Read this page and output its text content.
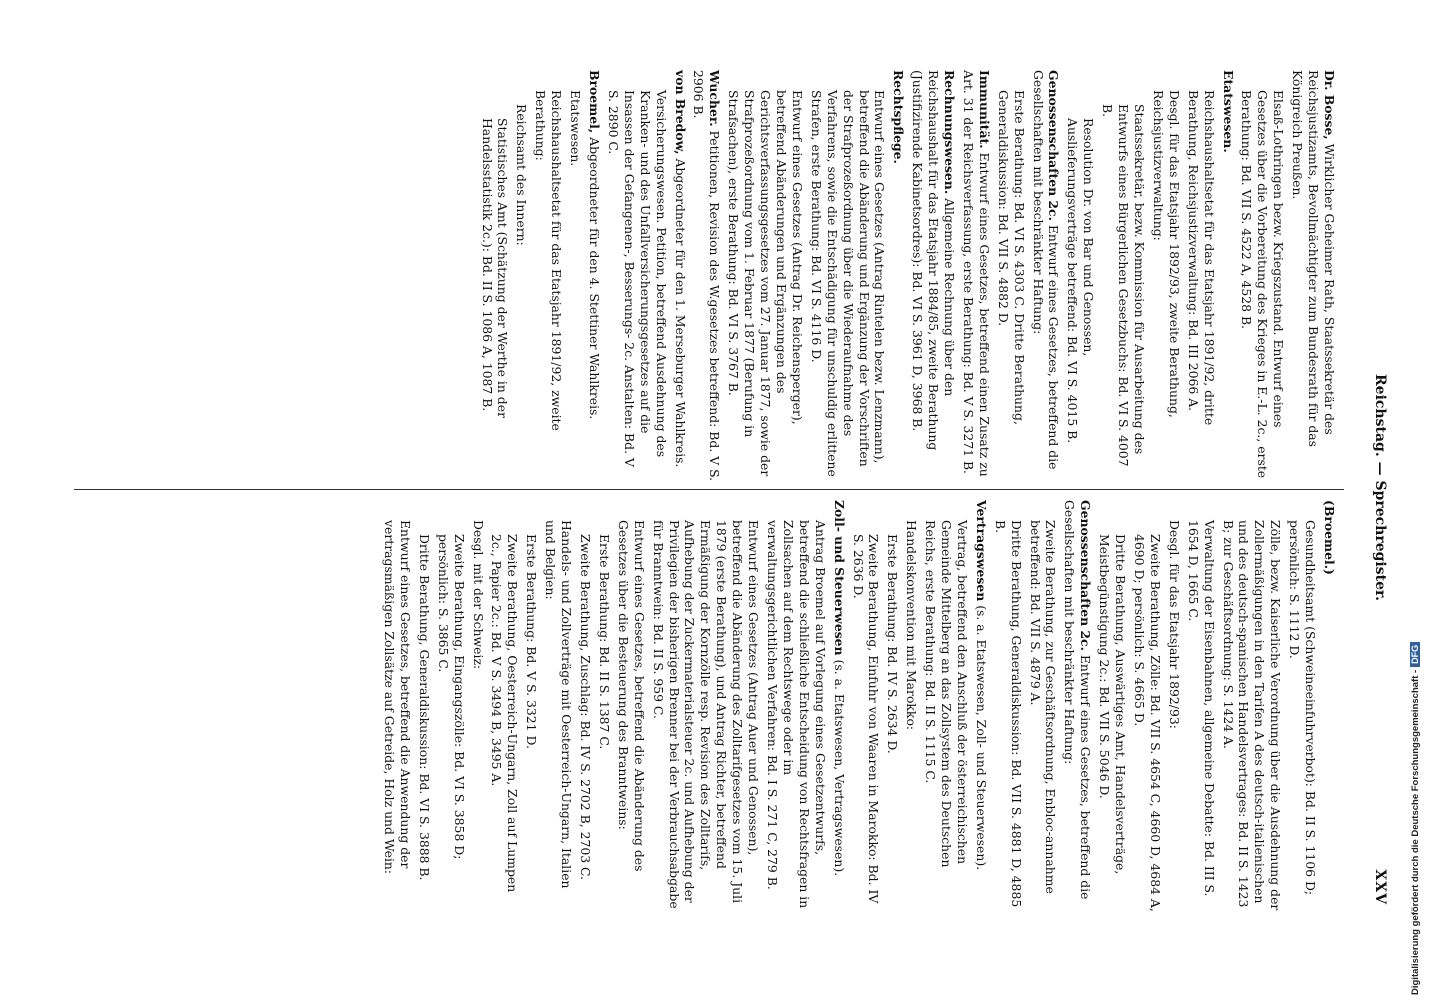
Reichstag. — Sprechregister.
XXV
Dr. Bosse, Wirklicher Geheimer Rath, Staatssekretär des Reichsjustizamts, Bevollmächtigter zum Bundesrath für das Königreich Preußen.
Elsaß-Lothringen bezw. Kriegszustand. Entwurf eines Gesetzes über die Vorbereitung des Krieges in E.-L. 2c., erste Berathung: Bd. VII S. 4522 A, 4528 B.
Etatswesen.
Reichshaushaltsetat für das Etatsjahr 1891/92, dritte Berathung, Reichsjustizverwaltung: Bd. III 2066 A.
Desgl. für das Etatsjahr 1892/93, zweite Berathung, Reichsjustizverwaltung:
Staatssekretär, bezw. Kommission für Ausarbeitung des Entwurfs eines Bürgerlichen Gesetzbuchs: Bd. VI S. 4007 B.
Resolution Dr. von Bar und Genossen, Auslieferungsverträge betreffend: Bd. VI S. 4015 B.
Genossenschaften 2c. Entwurf eines Gesetzes, betreffend die Gesellschaften mit beschränkter Haftung:
Erste Berathung: Bd. VI S. 4303 C. Dritte Berathung, Generaldiskussion: Bd. VII S. 4882 D.
Immunität. Entwurf eines Gesetzes, betreffend einen Zusatz zu Art. 31 der Reichsverfassung, erste Berathung: Bd. V S. 3271 B.
Rechnungswesen. Allgemeine Rechnung über den Reichshaushalt für das Etatsjahr 1884/85, zweite Berathung (Justifizirende Kabinetsordres): Bd. VI S. 3961 D, 3968 B.
Rechtspflege.
Entwurf eines Gesetzes (Antrag Rintelen bezw. Lenzmann), betreffend die Abänderung und Ergänzung der Vorschriften der Strafprozeßordnung über die Wiederaufnahme des Verfahrens, sowie die Entschädigung für unschuldig erlittene Strafen, erste Berathung: Bd. VI S. 4116 D.
Entwurf eines Gesetzes (Antrag Dr. Reichensperger), betreffend Abänderungen und Ergänzungen des Gerichtsverfassungsgesetzes vom 27. Januar 1877, sowie der Strafprozeßordnung vom 1. Februar 1877 (Berufung in Strafsachen), erste Berathung: Bd. VI S. 3767 B.
Wucher. Petitionen, Revision des W.gesetzes betreffend: Bd. V S. 2906 B.
von Bredow, Abgeordneter für den 1. Merseburger Wahlkreis.
Versicherungswesen. Petition, betreffend Ausdehnung des Kranken- und des Unfallversicherungsgesetzes auf die Insassen der Gefangenen-, Besserungs- 2c. Anstalten: Bd. V S. 2890 C.
Broemel, Abgeordneter für den 4. Stettiner Wahlkreis.
Etatswesen.
Reichshaushaltsetat für das Etatsjahr 1891/92, zweite Berathung:
Reichsamt des Innern:
Statistisches Amt (Schätzung der Werthe in der Handelsstatistik 2c.): Bd. II S. 1086 A, 1087 B.
(Broemel.)
Gesundheitsamt (Schweineeinfuhrverbot): Bd. II S. 1106 D; persönlich: S. 1112 D.
Zölle, bezw. Kaiserliche Verordnung über die Ausdehnung der Zollermäßigungen in den Tarifen A des deutsch-italienischen und des deutsch-spanischen Handelsvertrages: Bd. II S. 1423 B; zur Geschäftsordnung: S. 1424 A.
Verwaltung der Eisenbahnen, allgemeine Debatte: Bd. III S. 1654 D, 1665 C.
Desgl. für das Etatsjahr 1892/93:
Zweite Berathung, Zölle: Bd. VII S. 4654 C, 4660 D, 4684 A, 4690 D; persönlich: S. 4665 D.
Dritte Berathung, Auswärtiges Amt, Handelsverträge, Meistbegünstigung 2c.: Bd. VII S. 5046 D.
Genossenschaften 2c. Entwurf eines Gesetzes, betreffend die Gesellschaften mit beschränkter Haftung:
Zweite Berathung, zur Geschäftsordnung, Enbloc-annahme betreffend: Bd. VII S. 4879 A.
Dritte Berathung, Generaldiskussion: Bd. VII S. 4881 D, 4885 B.
Vertragswesen (s. a. Etatswesen, Zoll- und Steuerwesen).
Vertrag, betreffend den Anschluß der österreichischen Gemeinde Mittelberg an das Zollsystem des Deutschen Reichs, erste Berathung: Bd. II S. 1115 C.
Handelskonvention mit Marokko:
Erste Berathung: Bd. IV S. 2634 D.
Zweite Berathung, Einfuhr von Waaren in Marokko: Bd. IV S. 2636 D.
Zoll- und Steuerwesen (s. a. Etatswesen, Vertragswesen).
Antrag Broemel auf Vorlegung eines Gesetzentwurfs, betreffend die schließliche Entscheidung von Rechtsfragen in Zollsachen auf dem Rechtswege oder im verwaltungsgerichtlichen Verfahren: Bd. I S. 271 C, 279 B.
Entwurf eines Gesetzes (Antrag Auer und Genossen), betreffend die Abänderung des Zolltarifgesetzes vom 15. Juli 1879 (erste Berathung), und Antrag Richter, betreffend Ermäßigung der Kornzölle resp. Revision des Zolltarifs, Aufhebung der Zuckermaterialsteuer 2c. und Aufhebung der Privilegien der bisherigen Brenner bei der Verbrauchsabgabe für Branntwein: Bd. II S. 959 C.
Entwurf eines Gesetzes, betreffend die Abänderung des Gesetzes über die Besteuerung des Branntweins:
Erste Berathung: Bd. II S. 1387 C.
Zweite Berathung, Zuschlag: Bd. IV S. 2702 B, 2703 C.
Handels- und Zollverträge mit Oesterreich-Ungarn, Italien und Belgien:
Erste Berathung: Bd. V S. 3321 D.
Zweite Berathung, Oesterreich-Ungarn, Zoll auf Lumpen 2c., Papier 2c.: Bd. V S. 3494 B, 3495 A.
Desgl. mit der Schweiz:
Zweite Berathung, Eingangszölle: Bd. VI S. 3858 D; persönlich: S. 3865 C.
Dritte Berathung, Generaldiskussion: Bd. VI S. 3888 B.
Entwurf eines Gesetzes, betreffend die Anwendung der vertragsmäßigen Zollsätze auf Getreide, Holz und Wein:	Digitalisierung gefördert durch die Deutsche Forschungsgemeinschaft -DFG
